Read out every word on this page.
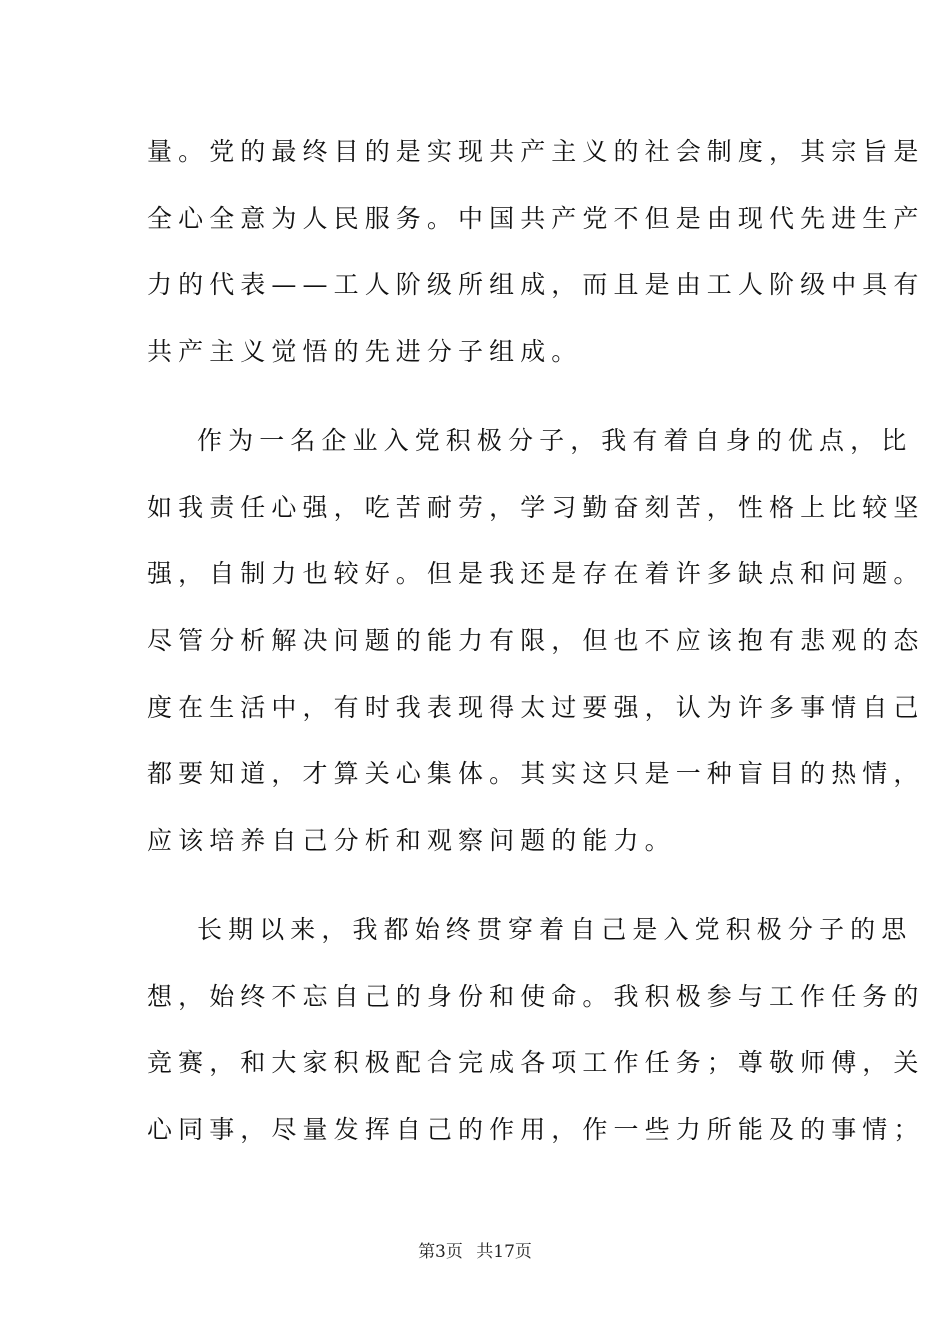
量。党的最终目的是实现共产主义的社会制度，其宗旨是
全心全意为人民服务。中国共产党不但是由现代先进生产
力的代表——工人阶级所组成，而且是由工人阶级中具有
共产主义觉悟的先进分子组成。
作为一名企业入党积极分子，我有着自身的优点，比
如我责任心强，吃苦耐劳，学习勤奋刻苦，性格上比较坚
强，自制力也较好。但是我还是存在着许多缺点和问题。
尽管分析解决问题的能力有限，但也不应该抱有悲观的态
度在生活中，有时我表现得太过要强，认为许多事情自己
都要知道，才算关心集体。其实这只是一种盲目的热情，
应该培养自己分析和观察问题的能力。
长期以来，我都始终贯穿着自己是入党积极分子的思
想，始终不忘自己的身份和使命。我积极参与工作任务的
竞赛，和大家积极配合完成各项工作任务；尊敬师傅，关
心同事，尽量发挥自己的作用，作一些力所能及的事情；
第3页 共17页
